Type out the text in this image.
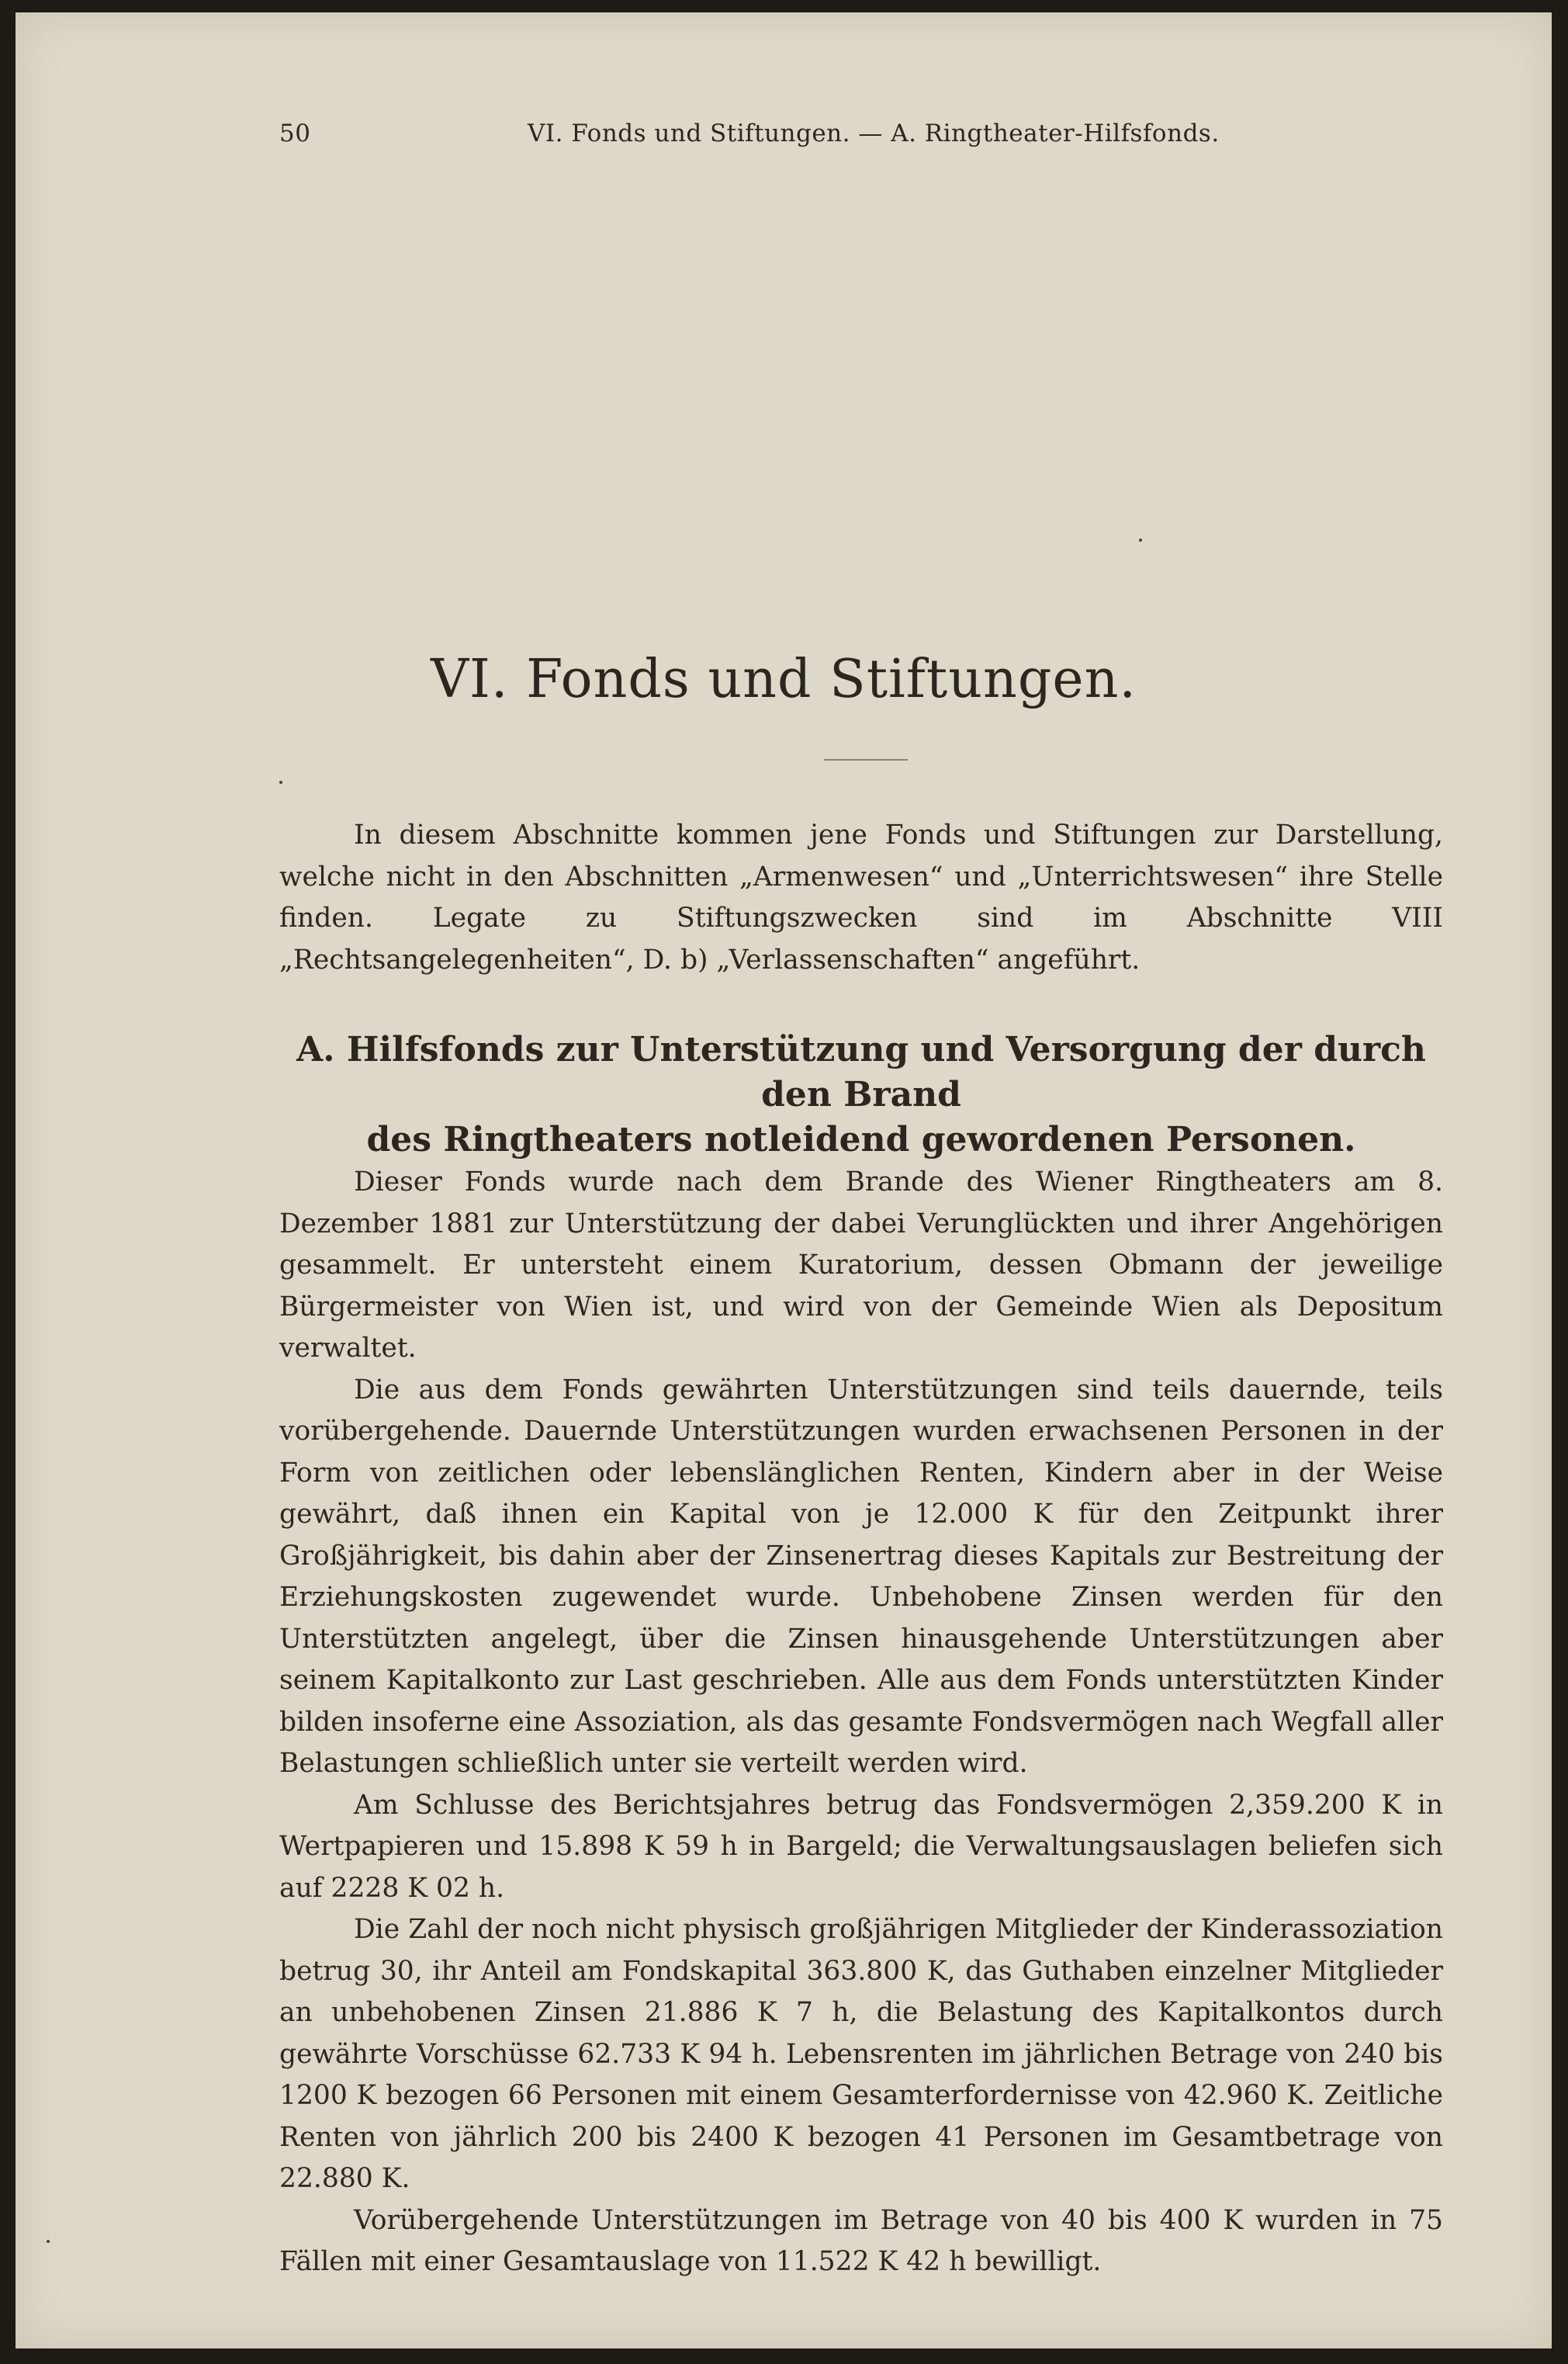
50	VI. Fonds und Stiftungen. — A. Ringtheater-Hilfsfonds.
VI. Fonds und Stiftungen.

In diesem Abschnitte kommen jene Fonds und Stiftungen zur Darstellung, welche nicht in den Abschnitten „Armenwesen“ und „Unterrichtswesen“ ihre Stelle finden. Legate zu Stiftungszwecken sind im Abschnitte VIII „Rechtsangelegenheiten“, D. b) „Verlassenschaften“ angeführt.

A. Hilfsfonds zur Unterstützung und Versorgung der durch den Brand
des Ringtheaters notleidend gewordenen Personen.

Dieser Fonds wurde nach dem Brande des Wiener Ringtheaters am 8. Dezember 1881 zur Unterstützung der dabei Verunglückten und ihrer Angehörigen gesammelt. Er untersteht einem Kuratorium, dessen Obmann der jeweilige Bürgermeister von Wien ist, und wird von der Gemeinde Wien als Depositum verwaltet.

Die aus dem Fonds gewährten Unterstützungen sind teils dauernde, teils vorübergehende. Dauernde Unterstützungen wurden erwachsenen Personen in der Form von zeitlichen oder lebenslänglichen Renten, Kindern aber in der Weise gewährt, daß ihnen ein Kapital von je 12.000 K für den Zeitpunkt ihrer Großjährigkeit, bis dahin aber der Zinsenertrag dieses Kapitals zur Bestreitung der Erziehungskosten zugewendet wurde. Unbehobene Zinsen werden für den Unterstützten angelegt, über die Zinsen hinausgehende Unterstützungen aber seinem Kapitalkonto zur Last geschrieben. Alle aus dem Fonds unterstützten Kinder bilden insoferne eine Assoziation, als das gesamte Fondsvermögen nach Wegfall aller Belastungen schließlich unter sie verteilt werden wird.

Am Schlusse des Berichtsjahres betrug das Fondsvermögen 2,359.200 K in Wertpapieren und 15.898 K 59 h in Bargeld; die Verwaltungsauslagen beliefen sich auf 2228 K 02 h.

Die Zahl der noch nicht physisch großjährigen Mitglieder der Kinderassoziation betrug 30, ihr Anteil am Fondskapital 363.800 K, das Guthaben einzelner Mitglieder an unbehobenen Zinsen 21.886 K 7 h, die Belastung des Kapitalkontos durch gewährte Vorschüsse 62.733 K 94 h. Lebensrenten im jährlichen Betrage von 240 bis 1200 K bezogen 66 Personen mit einem Gesamterfordernisse von 42.960 K. Zeitliche Renten von jährlich 200 bis 2400 K bezogen 41 Personen im Gesamtbetrage von 22.880 K.

Vorübergehende Unterstützungen im Betrage von 40 bis 400 K wurden in 75 Fällen mit einer Gesamtauslage von 11.522 K 42 h bewilligt.
